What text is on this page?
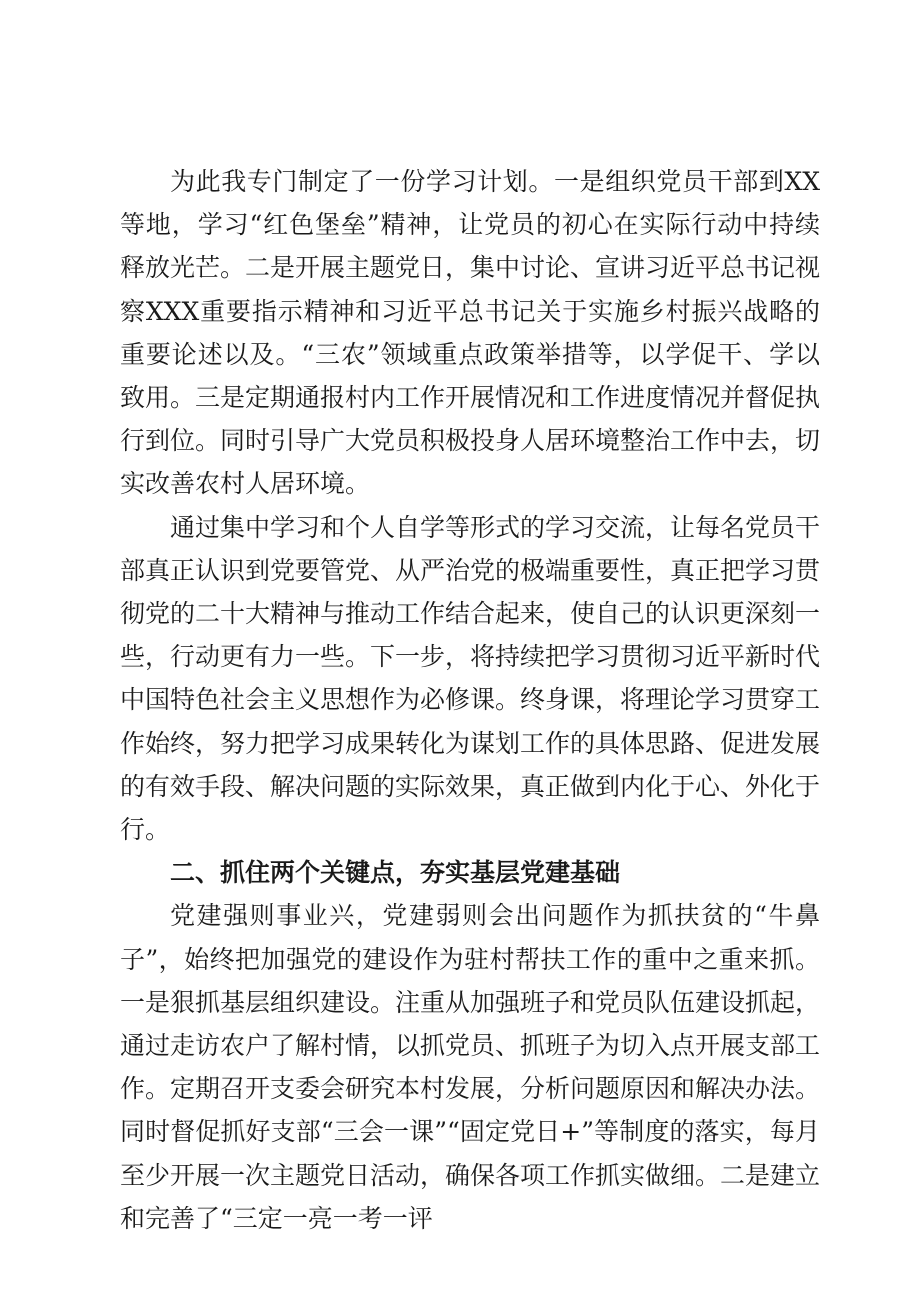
为此我专门制定了一份学习计划。一是组织党员干部到XX等地，学习“红色堡垒”精神，让党员的初心在实际行动中持续释放光芒。二是开展主题党日，集中讨论、宣讲习近平总书记视察XXX重要指示精神和习近平总书记关于实施乡村振兴战略的重要论述以及。“三农”领域重点政策举措等，以学促干、学以致用。三是定期通报村内工作开展情况和工作进度情况并督促执行到位。同时引导广大党员积极投身人居环境整治工作中去，切实改善农村人居环境。

通过集中学习和个人自学等形式的学习交流，让每名党员干部真正认识到党要管党、从严治党的极端重要性，真正把学习贯彻党的二十大精神与推动工作结合起来，使自己的认识更深刻一些，行动更有力一些。下一步，将持续把学习贯彻习近平新时代中国特色社会主义思想作为必修课。终身课，将理论学习贯穿工作始终，努力把学习成果转化为谋划工作的具体思路、促进发展的有效手段、解决问题的实际效果，真正做到内化于心、外化于行。

二、抓住两个关键点，夯实基层党建基础

党建强则事业兴，党建弱则会出问题作为抓扶贫的“牛鼻子”，始终把加强党的建设作为驻村帮扶工作的重中之重来抓。一是狠抓基层组织建设。注重从加强班子和党员队伍建设抓起，通过走访农户了解村情，以抓党员、抓班子为切入点开展支部工作。定期召开支委会研究本村发展，分析问题原因和解决办法。同时督促抓好支部“三会一课”“固定党日+”等制度的落实，每月至少开展一次主题党日活动，确保各项工作抓实做细。二是建立和完善了“三定一亮一考一评
